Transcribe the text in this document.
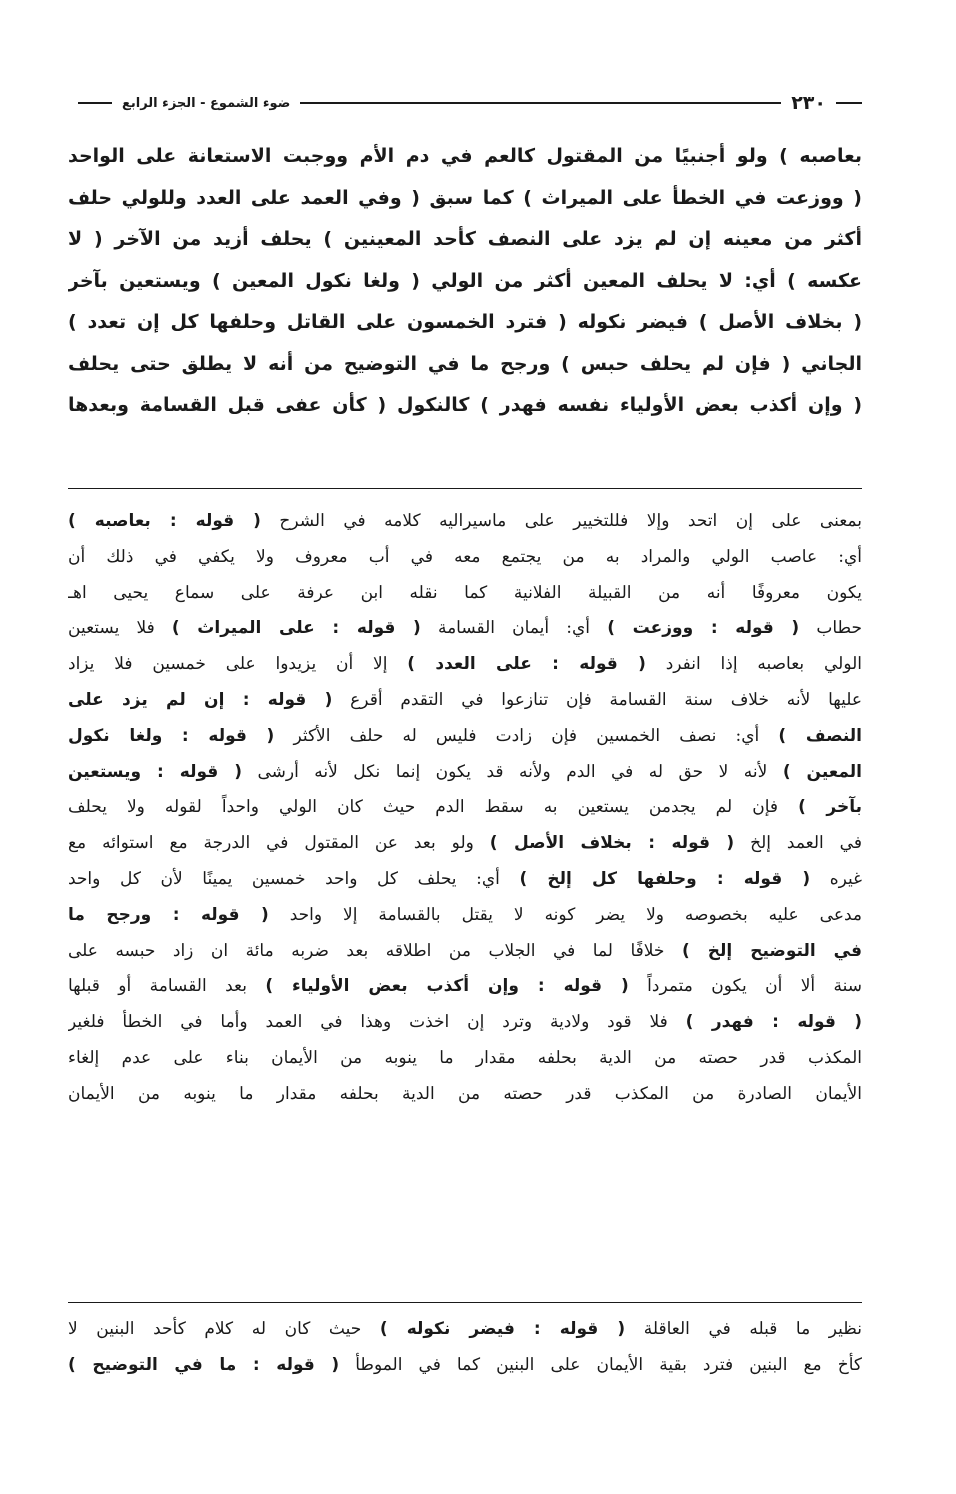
٢٣٠
ضوء الشموع - الجزء الرابع
بعاصبه ) ولو أجنبيًا من المقتول كالعم في دم الأم ووجبت الاستعانة على الواحد
( ووزعت في الخطأ على الميراث ) كما سبق ( وفي العمد على العدد وللولي حلف
أكثر من معينه إن لم يزد على النصف كأحد المعينين ) يحلف أزيد من الآخر ( لا
عكسه ) أي: لا يحلف المعين أكثر من الولي ( ولغا نكول المعين ) ويستعين بآخر
( بخلاف الأصل ) فيضر نكوله ( فترد الخمسون على القاتل وحلفها كل إن تعدد )
الجاني ( فإن لم يحلف حبس ) ورجح ما في التوضيح من أنه لا يطلق حتى يحلف
( وإن أكذب بعض الأولياء نفسه فهدر ) كالنكول ( كأن عفى قبل القسامة وبعدها
بمعنى على إن اتحد وإلا فللتخيير على ماسيراليه كلامه في الشرح ( قوله : بعاصبه )
أي: عاصب الولي والمراد به من يجتمع معه في أب معروف ولا يكفي في ذلك أن
يكون معروفًا أنه من القبيلة الفلانية كما نقله ابن عرفة على سماع يحيى اهـ
حطاب ( قوله : ووزعت ) أي: أيمان القسامة ( قوله : على الميراث ) فلا يستعين
الولي بعاصبه إذا انفرد ( قوله : على العدد ) إلا أن يزيدوا على خمسين فلا يزاد
عليها لأنه خلاف سنة القسامة فإن تنازعوا في التقدم أقرع ( قوله : إن لم يزد على
النصف ) أي: نصف الخمسين فإن زادت فليس له حلف الأكثر ( قوله : ولغا نكول
المعين ) لأنه لا حق له في الدم ولأنه قد يكون إنما نكل لأنه أرشى ( قوله : ويستعين
بآخر ) فإن لم يجدمن يستعين به سقط الدم حيث كان الولي واحداً لقوله ولا يحلف
في العمد إلخ ( قوله : بخلاف الأصل ) ولو بعد عن المقتول في الدرجة مع استوائه مع
غيره ( قوله : وحلفها كل إلخ ) أي: يحلف كل واحد خمسين يمينًا لأن كل واحد
مدعى عليه بخصوصه ولا يضر كونه لا يقتل بالقسامة إلا واحد ( قوله : ورجح ما
في التوضيح إلخ ) خلافًا لما في الجلاب من اطلاقه بعد ضربه مائة ان زاد حبسه على
سنة ألا أن يكون متمرداً ( قوله : وإن أكذب بعض الأولياء ) بعد القسامة أو قبلها
( قوله : فهدر ) فلا قود ولادية وترد إن اخذت وهذا في العمد وأما في الخطأ فلغير
المكذب قدر حصته من الدية بحلفه مقدار ما ينوبه من الأيمان بناء على عدم إلغاء
الأيمان الصادرة من المكذب قدر حصته من الدية بحلفه مقدار ما ينوبه من الأيمان
نظير ما قبله في العاقلة ( قوله : فيضر نكوله ) حيث كان له كلام كأحد البنين لا
كأخ مع البنين فترد بقية الأيمان على البنين كما في الموطأ ( قوله : ما في التوضيح )
